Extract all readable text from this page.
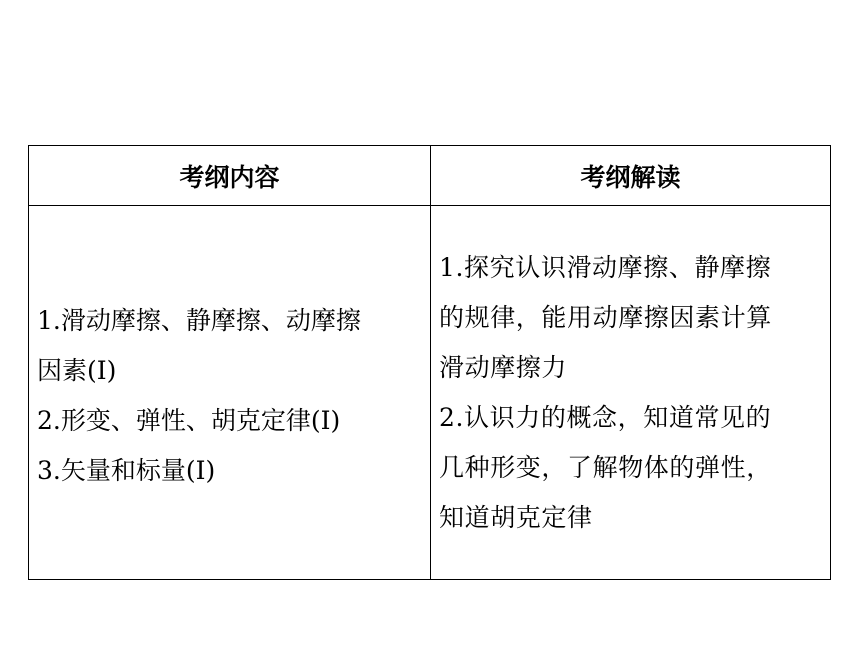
考纲内容	考纲解读
1.滑动摩擦、静摩擦、动摩擦
因素(Ⅰ)
2.形变、弹性、胡克定律(Ⅰ)
3.矢量和标量(Ⅰ)
1.探究认识滑动摩擦、静摩擦
的规律，能用动摩擦因素计算
滑动摩擦力
2.认识力的概念，知道常见的
几种形变，了解物体的弹性，
知道胡克定律
